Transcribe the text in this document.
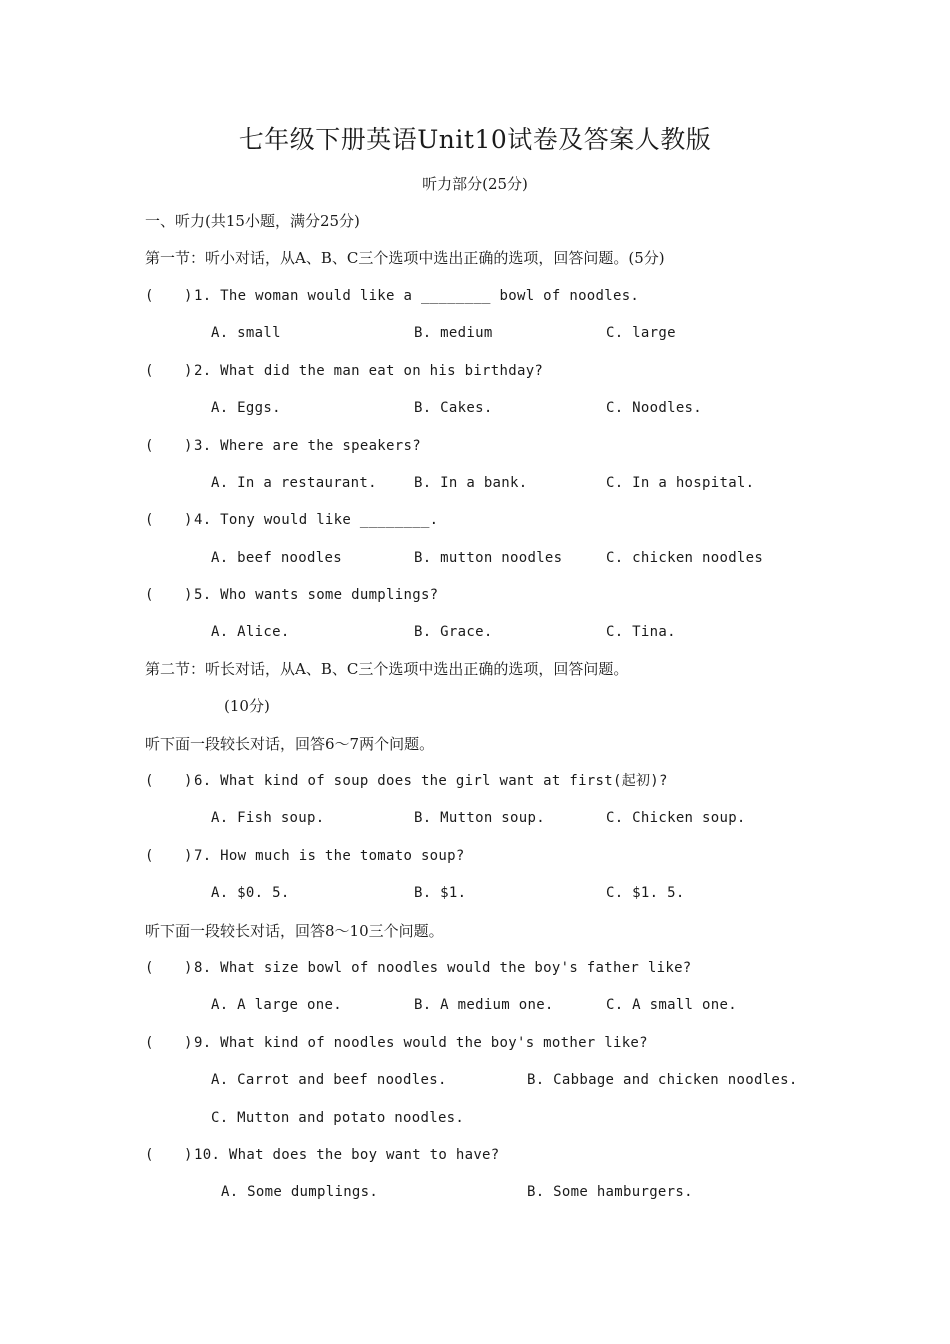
七年级下册英语Unit10试卷及答案人教版
听力部分(25分)
一、听力(共15小题，满分25分)
第一节：听小对话，从A、B、C三个选项中选出正确的选项，回答问题。(5分)
( ) 1. The woman would like a ________ bowl of noodles.
A. small	B. medium	C. large
( ) 2. What did the man eat on his birthday?
A. Eggs.	B. Cakes.	C. Noodles.
( ) 3. Where are the speakers?
A. In a restaurant.	B. In a bank.	C. In a hospital.
( ) 4. Tony would like ________.
A. beef noodles	B. mutton noodles	C. chicken noodles
( ) 5. Who wants some dumplings?
A. Alice.	B. Grace.	C. Tina.
第二节：听长对话，从A、B、C三个选项中选出正确的选项，回答问题。
(10分)
听下面一段较长对话，回答6～7两个问题。
( ) 6. What kind of soup does the girl want at first(起初)?
A. Fish soup.	B. Mutton soup.	C. Chicken soup.
( ) 7. How much is the tomato soup?
A. $0. 5.	B. $1.	C. $1. 5.
听下面一段较长对话，回答8～10三个问题。
( ) 8. What size bowl of noodles would the boy's father like?
A. A large one.	B. A medium one.	C. A small one.
( ) 9. What kind of noodles would the boy's mother like?
A. Carrot and beef noodles.	B. Cabbage and chicken noodles.
C. Mutton and potato noodles.
( ) 10. What does the boy want to have?
A. Some dumplings.	B. Some hamburgers.
